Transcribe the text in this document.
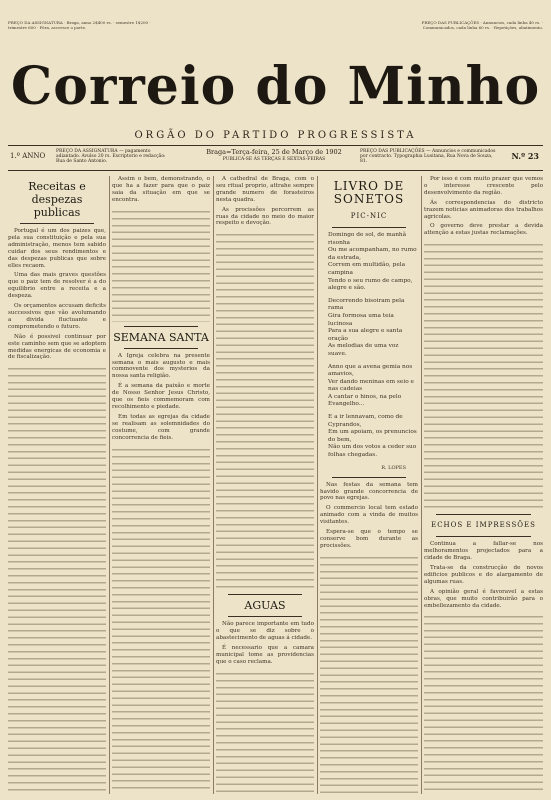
PREÇO DA ASSIGNATURA · Braga, anno 2$400 rs. · semestre 1$200 · trimestre 600 · Fóra, accresce o porte.
PREÇO DAS PUBLICAÇÕES · Annuncios, cada linha 40 rs. · Communicados, cada linha 60 rs. · Repetições, abatimento.
Correio do Minho
ORGÃO DO PARTIDO PROGRESSISTA
1.º ANNO
PREÇO DA ASSIGNATURA — pagamento adiantado. Avulso 20 rs. Escriptorio e redacção: Rua de Santo Antonio.
Braga=Terça-feira, 25 de Março de 1902
PUBLICA-SE ÁS TERÇAS E SEXTAS-FEIRAS
PREÇO DAS PUBLICAÇÕES — Annuncios e communicados por contracto. Typographia Lusitana, Rua Nova de Souza, 81.
N.º 23
Receitas e despezas publicas

Portugal é um dos paizes que, pela sua constituição e pela sua administração, menos tem sabido cuidar dos seus rendimentos e das despezas publicas que sobre elles recaem.

Uma das mais graves questões que o paiz tem de resolver é a do equilibrio entre a receita e a despeza.

Os orçamentos accusam deficits successivos que vão avolumando a divida fluctuante e comprometendo o futuro.

Não é possivel continuar por este caminho sem que se adoptem medidas energicas de economia e de fiscalização.

Assim o bem, demonstrando, o que ha a fazer para que o paiz saia da situação em que se encontra.

SEMANA SANTA

A Igreja celebra na presente semana o mais augusto e mais commovente dos mysterios da nossa santa religião.

É a semana da paixão e morte de Nosso Senhor Jesus Christo, que os fieis commemoram com recolhimento e piedade.

Em todas as egrejas da cidade se realisam as solemnidades do costume, com grande concorrencia de fieis.

A cathedral de Braga, com o seu ritual proprio, attrahe sempre grande numero de forasteiros nesta quadra.

As procissões percorrem as ruas da cidade no meio do maior respeito e devoção.

AGUAS

Não parece importante em tudo o que se diz sobre o abastecimento de aguas á cidade.

É necessario que a camara municipal tome as providencias que o caso reclama.

LIVRO DE SONETOS
PIC-NIC
Domingo de sol, de manhã risonha
Ou me acompanham, no rumo da estrada,
Correm em multidão, pela campina
Tendo o seu rumo de campo, alegre e são.
Decorrendo bisoiram pela rama
Gira formosa uma teia lucinosa
Para a sua alegre e santa oração
As melodias de uma voz suave.
Anno que a avena gemia nos amavios,
Ver dando meninas em seio e nas cadeias
A cantar o hinos, na pelo Evangelho...
E a ir lennavam, como de Cyprandos,
Em um apoiam, os prenuncios do bem,
Não um dos votos a ceder suo folhas chegadas.
R. LOPES

Nas festas da semana tem havido grande concorrencia de povo nas egrejas.

O commercio local tem estado animado com a vinda de muitos visitantes.

Espera-se que o tempo se conserve bom durante as procissões.

Por isso é com muito prazer que vemos o interesse crescente pelo desenvolvimento da região.

Ás correspondencias do districto trazem noticias animadoras dos trabalhos agricolas.

O governo deve prestar a devida attenção a estas justas reclamações.

ECHOS E IMPRESSÕES

Continua a fallar-se nos melhoramentos projectados para a cidade de Braga.

Trata-se da construcção de novos edificios publicos e do alargamento de algumas ruas.

A opinião geral é favoravel a estas obras, que muito contribuirão para o embellezamento da cidade.
